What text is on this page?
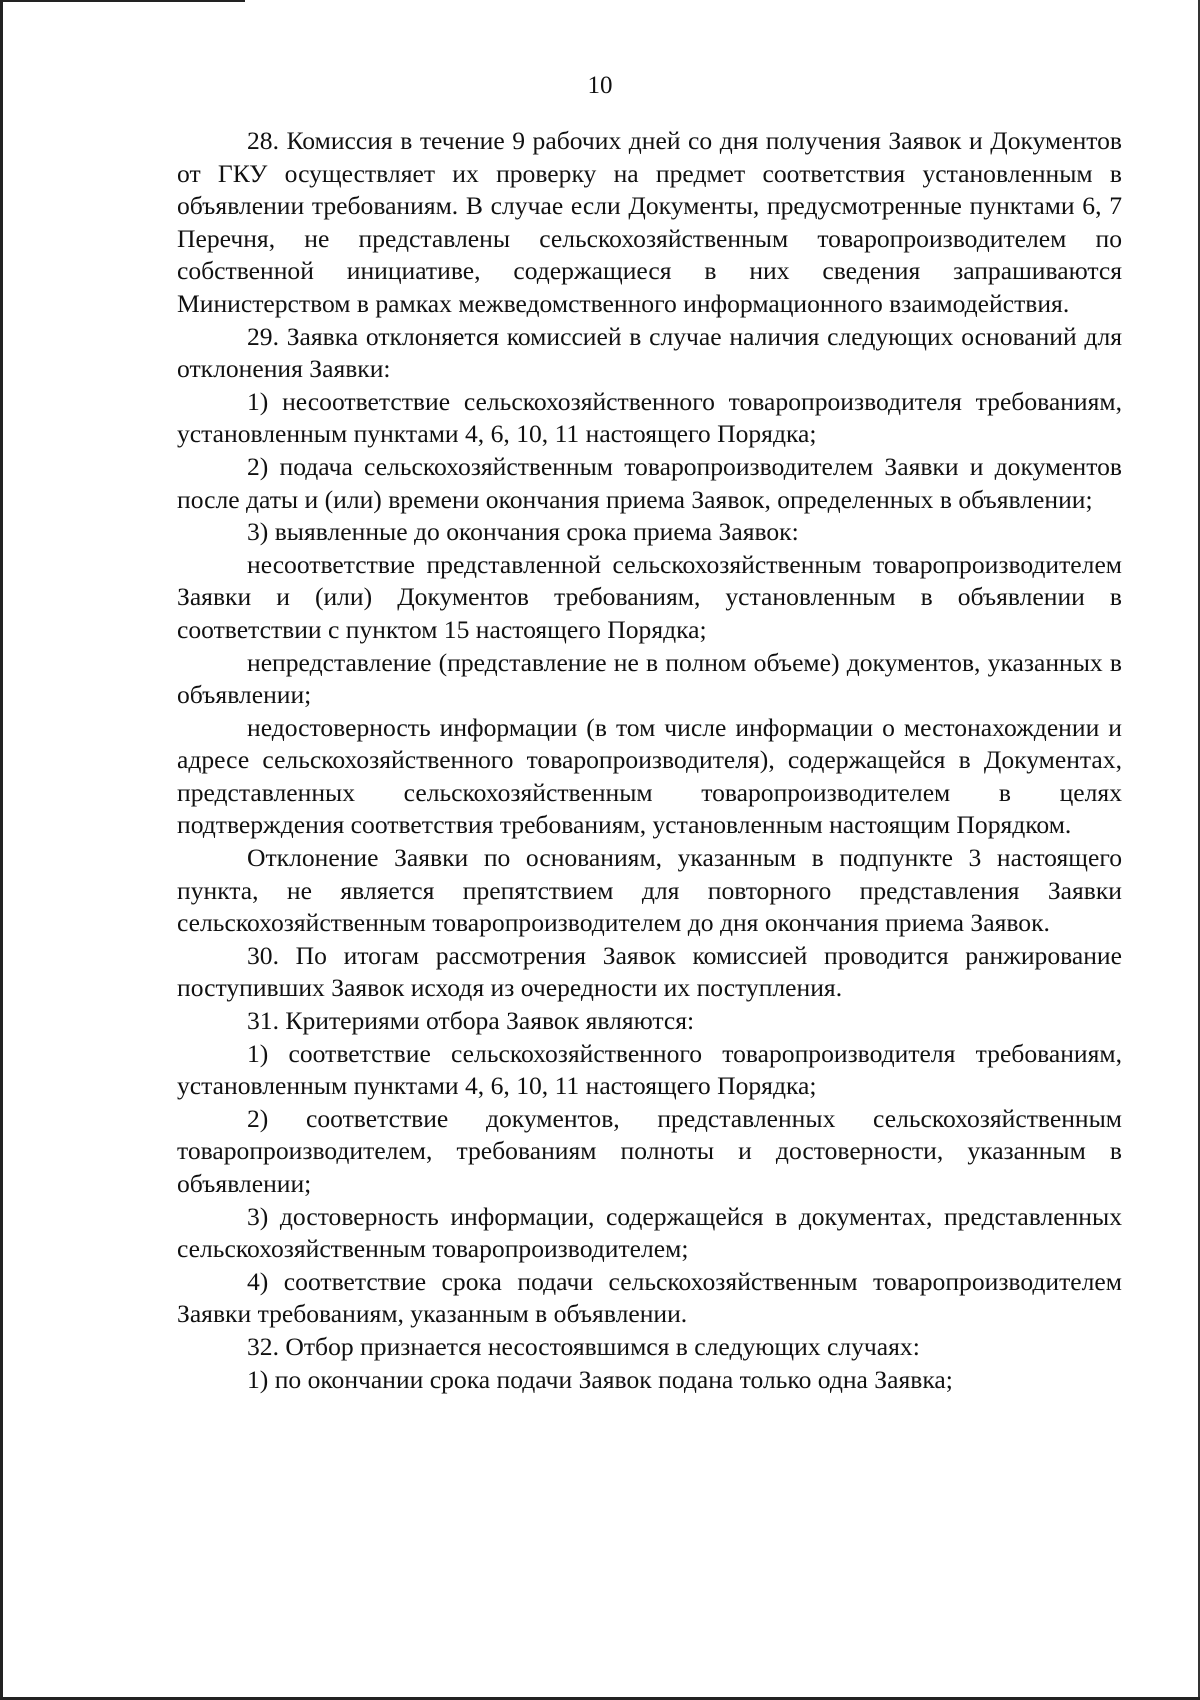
10

28. Комиссия в течение 9 рабочих дней со дня получения Заявок и Документов от ГКУ осуществляет их проверку на предмет соответствия установленным в объявлении требованиям. В случае если Документы, предусмотренные пунктами 6, 7 Перечня, не представлены сельскохозяйственным товаропроизводителем по собственной инициативе, содержащиеся в них сведения запрашиваются Министерством в рамках межведомственного информационного взаимодействия.

29. Заявка отклоняется комиссией в случае наличия следующих оснований для отклонения Заявки:

1) несоответствие сельскохозяйственного товаропроизводителя требованиям, установленным пунктами 4, 6, 10, 11 настоящего Порядка;

2) подача сельскохозяйственным товаропроизводителем Заявки и документов после даты и (или) времени окончания приема Заявок, определенных в объявлении;

3) выявленные до окончания срока приема Заявок:

несоответствие представленной сельскохозяйственным товаропроизводителем Заявки и (или) Документов требованиям, установленным в объявлении в соответствии с пунктом 15 настоящего Порядка;

непредставление (представление не в полном объеме) документов, указанных в объявлении;

недостоверность информации (в том числе информации о местонахождении и адресе сельскохозяйственного товаропроизводителя), содержащейся в Документах, представленных сельскохозяйственным товаропроизводителем в целях подтверждения соответствия требованиям, установленным настоящим Порядком.

Отклонение Заявки по основаниям, указанным в подпункте 3 настоящего пункта, не является препятствием для повторного представления Заявки сельскохозяйственным товаропроизводителем до дня окончания приема Заявок.

30. По итогам рассмотрения Заявок комиссией проводится ранжирование поступивших Заявок исходя из очередности их поступления.

31. Критериями отбора Заявок являются:

1) соответствие сельскохозяйственного товаропроизводителя требованиям, установленным пунктами 4, 6, 10, 11 настоящего Порядка;

2) соответствие документов, представленных сельскохозяйственным товаропроизводителем, требованиям полноты и достоверности, указанным в объявлении;

3) достоверность информации, содержащейся в документах, представленных сельскохозяйственным товаропроизводителем;

4) соответствие срока подачи сельскохозяйственным товаропроизводителем Заявки требованиям, указанным в объявлении.

32. Отбор признается несостоявшимся в следующих случаях:

1) по окончании срока подачи Заявок подана только одна Заявка;
